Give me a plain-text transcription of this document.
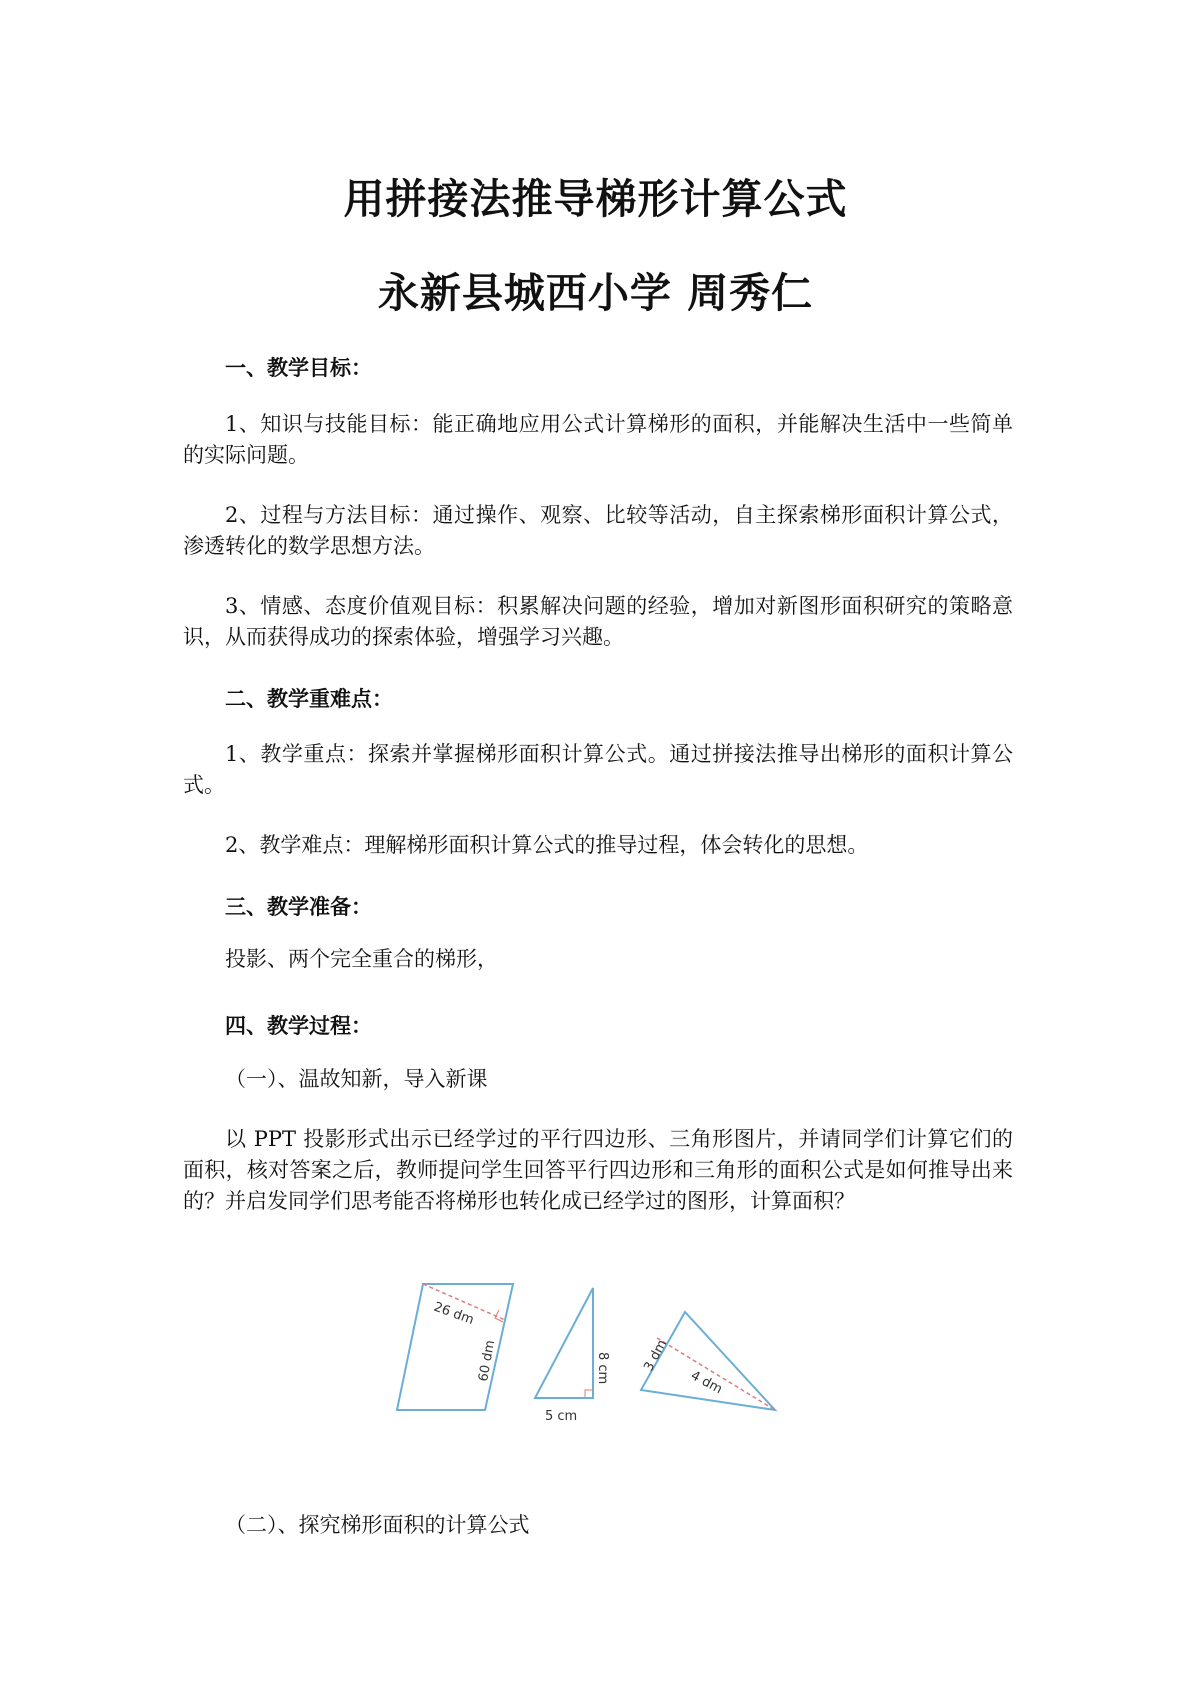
用拼接法推导梯形计算公式
永新县城西小学 周秀仁

一、教学目标：

1、知识与技能目标：能正确地应用公式计算梯形的面积，并能解决生活中一些简单的实际问题。

2、过程与方法目标：通过操作、观察、比较等活动，自主探索梯形面积计算公式，渗透转化的数学思想方法。

3、情感、态度价值观目标：积累解决问题的经验，增加对新图形面积研究的策略意识，从而获得成功的探索体验，增强学习兴趣。

二、教学重难点：

1、教学重点：探索并掌握梯形面积计算公式。通过拼接法推导出梯形的面积计算公式。

2、教学难点：理解梯形面积计算公式的推导过程，体会转化的思想。

三、教学准备：

投影、两个完全重合的梯形，

四、教学过程：

（一）、温故知新，导入新课

以 PPT 投影形式出示已经学过的平行四边形、三角形图片，并请同学们计算它们的面积，核对答案之后，教师提问学生回答平行四边形和三角形的面积公式是如何推导出来的？并启发同学们思考能否将梯形也转化成已经学过的图形，计算面积？

26 dm
60 dm	8 cm
5 cm
3 dm
4 dm

（二）、探究梯形面积的计算公式
